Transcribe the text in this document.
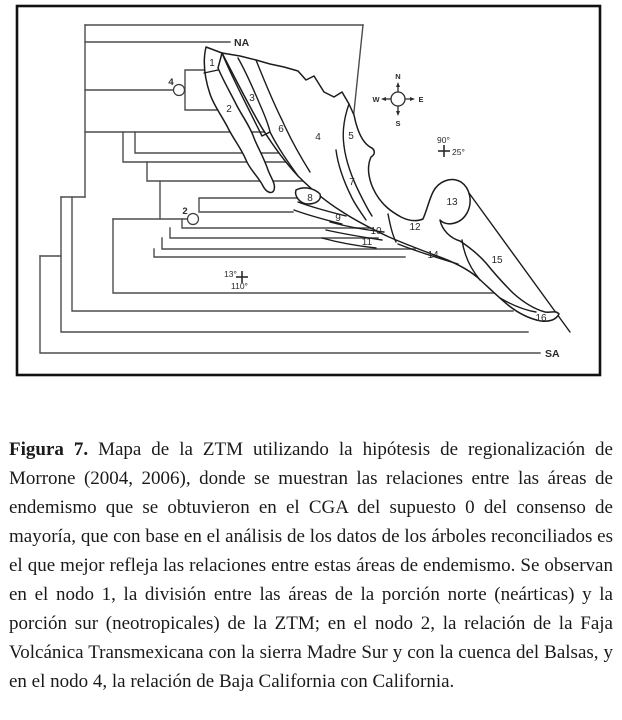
4
2
NA
SA
1
2
3
4	5
6
7
8
9
10
11
12
13
14	15
16
N
S
W	E
90°
25°
13°
110°

Figura 7. Mapa de la ZTM utilizando la hipótesis de regionalización de Morrone (2004, 2006), donde se muestran las relaciones entre las áreas de endemismo que se obtuvieron en el CGA del supuesto 0 del consenso de mayoría, que con base en el análisis de los datos de los árboles reconciliados es el que mejor refleja las relaciones entre estas áreas de endemismo. Se observan en el nodo 1, la división entre las áreas de la porción norte (neárticas) y la porción sur (neotropicales) de la ZTM; en el nodo 2, la relación de la Faja Volcánica Transmexicana con la sierra Madre Sur y con la cuenca del Balsas, y en el nodo 4, la relación de Baja California con California.
